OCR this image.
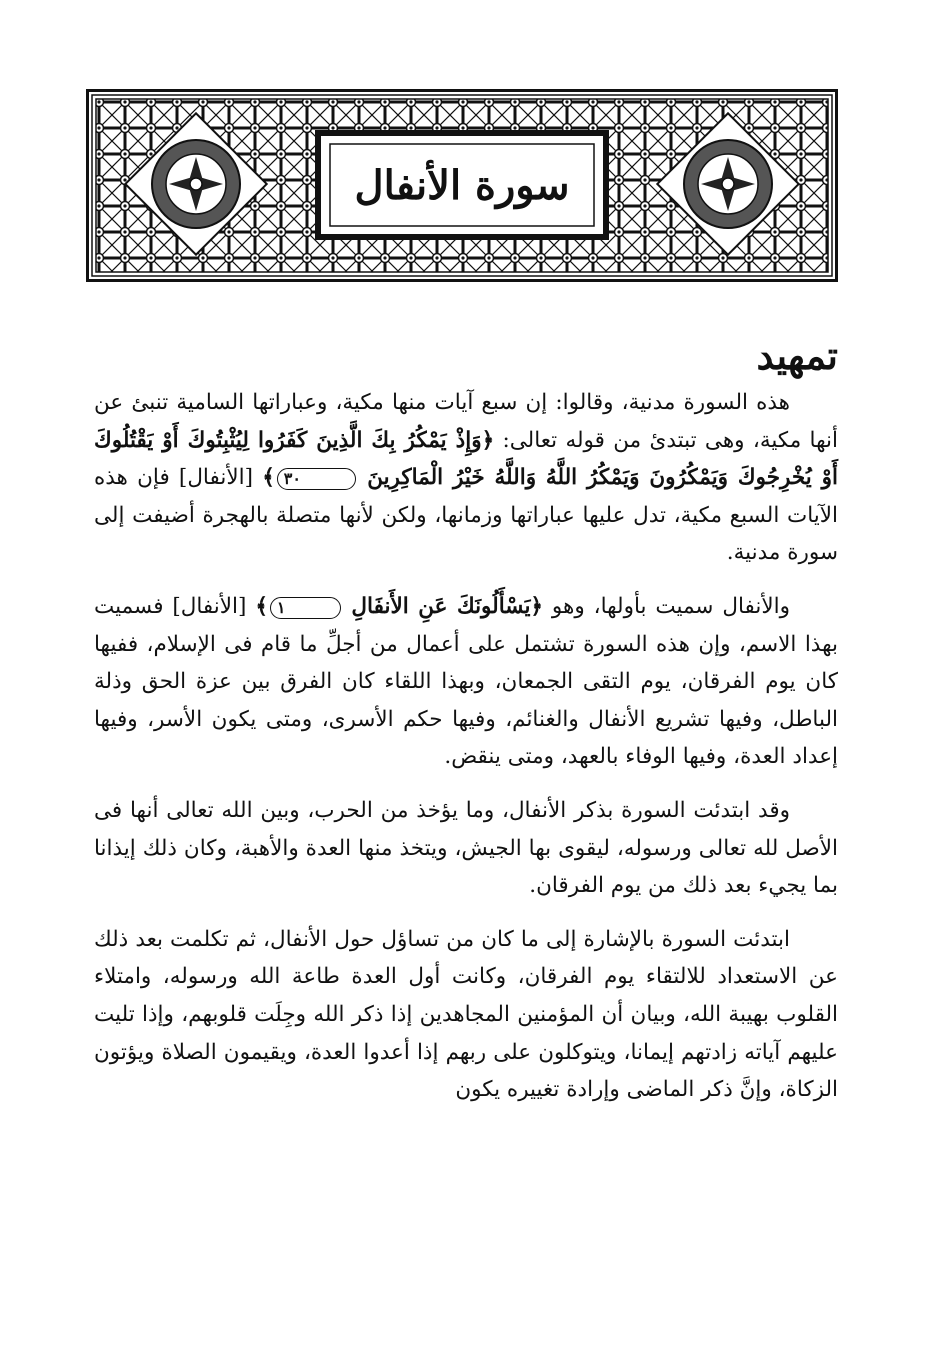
سورة الأنفال
تمهيد

هذه السورة مدنية، وقالوا: إن سبع آيات منها مكية، وعباراتها السامية تنبئ عن أنها مكية، وهى تبتدئ من قوله تعالى: ﴿وَإِذْ يَمْكُرُ بِكَ الَّذِينَ كَفَرُوا لِيُثْبِتُوكَ أَوْ يَقْتُلُوكَ أَوْ يُخْرِجُوكَ وَيَمْكُرُونَ وَيَمْكُرُ اللَّهُ وَاللَّهُ خَيْرُ الْمَاكِرِينَ ٣٠﴾ [الأنفال] فإن هذه الآيات السبع مكية، تدل عليها عباراتها وزمانها، ولكن لأنها متصلة بالهجرة أضيفت إلى سورة مدنية.

والأنفال سميت بأولها، وهو ﴿يَسْأَلُونَكَ عَنِ الأَنفَالِ ١﴾ [الأنفال] فسميت بهذا الاسم، وإن هذه السورة تشتمل على أعمال من أجلِّ ما قام فى الإسلام، ففيها كان يوم الفرقان، يوم التقى الجمعان، وبهذا اللقاء كان الفرق بين عزة الحق وذلة الباطل، وفيها تشريع الأنفال والغنائم، وفيها حكم الأسرى، ومتى يكون الأسر، وفيها إعداد العدة، وفيها الوفاء بالعهد، ومتى ينقض.

وقد ابتدئت السورة بذكر الأنفال، وما يؤخذ من الحرب، وبين الله تعالى أنها فى الأصل لله تعالى ورسوله، ليقوى بها الجيش، ويتخذ منها العدة والأهبة، وكان ذلك إيذانا بما يجيء بعد ذلك من يوم الفرقان.

ابتدئت السورة بالإشارة إلى ما كان من تساؤل حول الأنفال، ثم تكلمت بعد ذلك عن الاستعداد للالتقاء يوم الفرقان، وكانت أول العدة طاعة الله ورسوله، وامتلاء القلوب بهيبة الله، وبيان أن المؤمنين المجاهدين إذا ذكر الله وجِلَت قلوبهم، وإذا تليت عليهم آياته زادتهم إيمانا، ويتوكلون على ربهم إذا أعدوا العدة، ويقيمون الصلاة ويؤتون الزكاة، وإنَّ ذكر الماضى وإرادة تغييره يكون
